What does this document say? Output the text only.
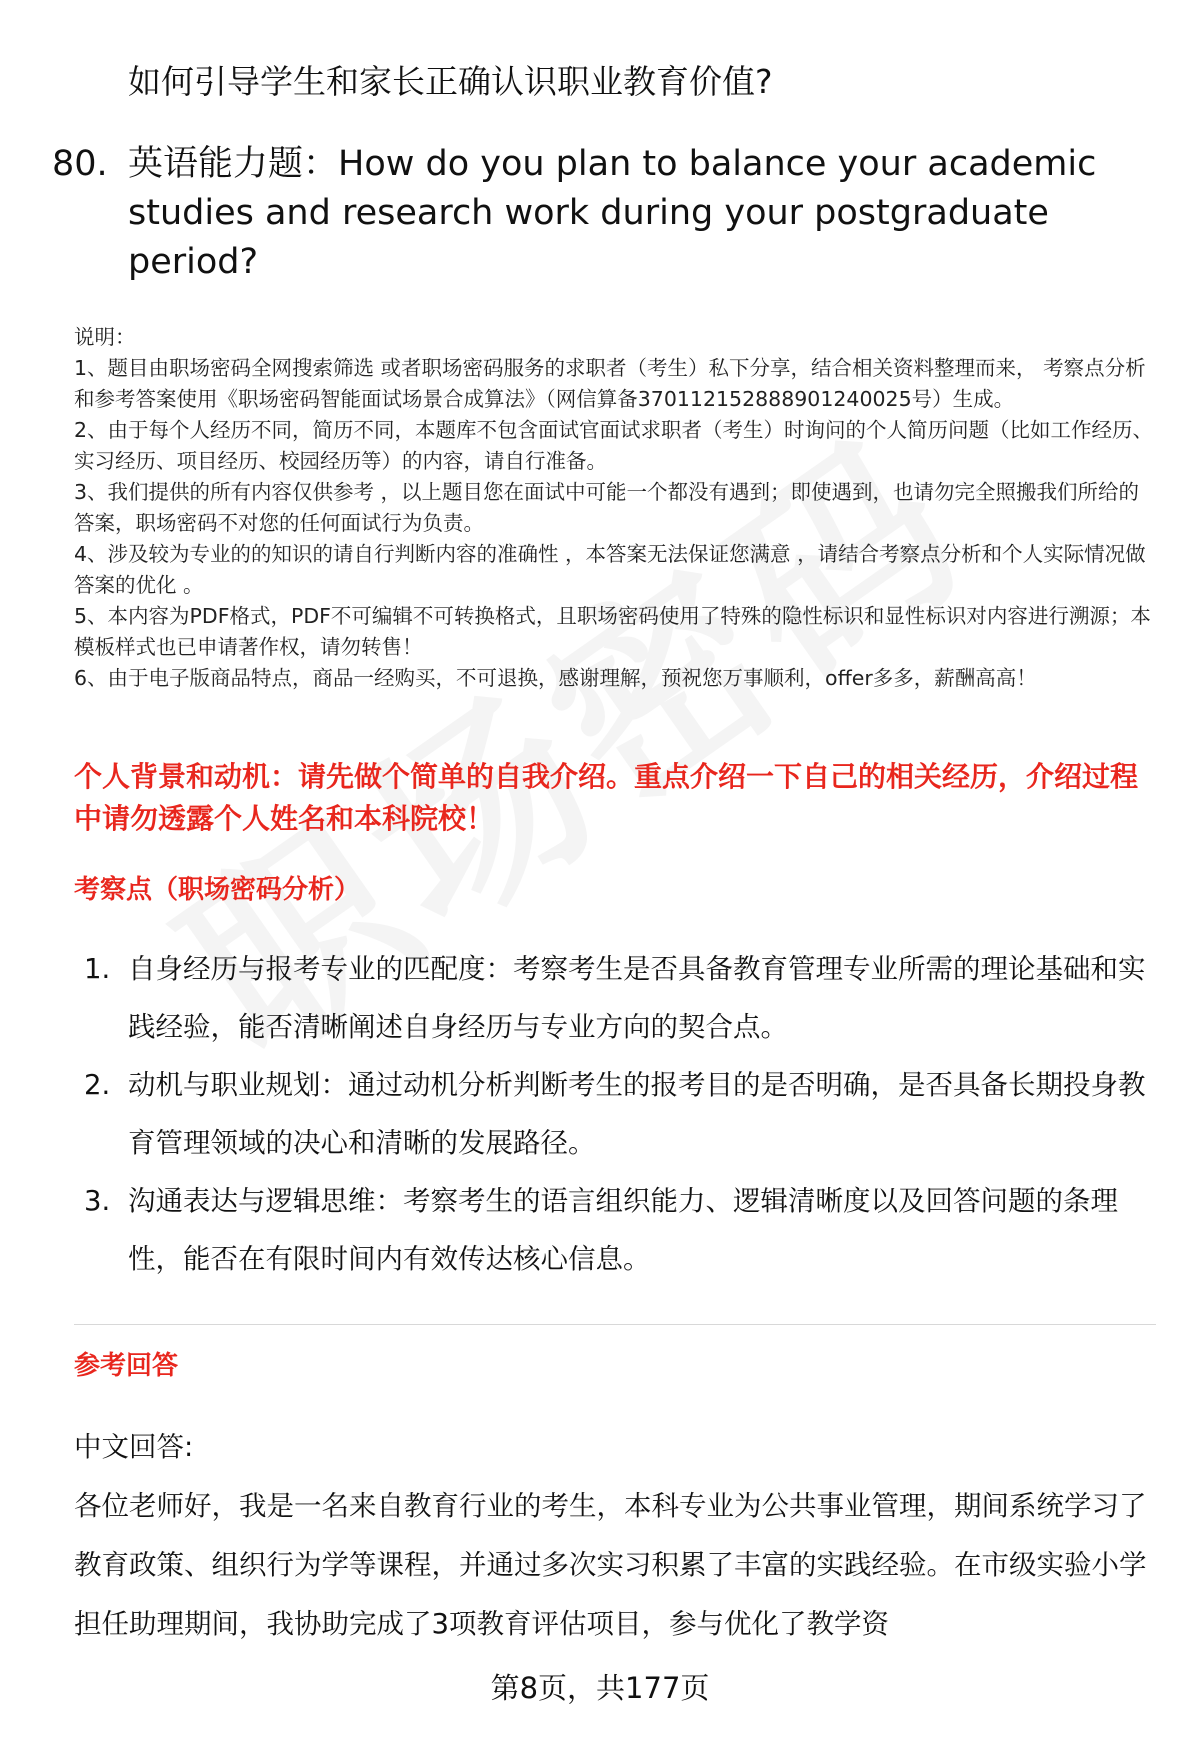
如何引导学生和家长正确认识职业教育价值?
80. 英语能力题：How do you plan to balance your academic studies and research work during your postgraduate period?
说明：
1、题目由职场密码全网搜索筛选 或者职场密码服务的求职者（考生）私下分享，结合相关资料整理而来， 考察点分析和参考答案使用《职场密码智能面试场景合成算法》（网信算备370112152888901240025号）生成。
2、由于每个人经历不同，简历不同，本题库不包含面试官面试求职者（考生）时询问的个人简历问题（比如工作经历、实习经历、项目经历、校园经历等）的内容，请自行准备。
3、我们提供的所有内容仅供参考 ，以上题目您在面试中可能一个都没有遇到；即使遇到，也请勿完全照搬我们所给的答案，职场密码不对您的任何面试行为负责。
4、涉及较为专业的的知识的请自行判断内容的准确性 ，本答案无法保证您满意 ，请结合考察点分析和个人实际情况做答案的优化 。
5、本内容为PDF格式，PDF不可编辑不可转换格式，且职场密码使用了特殊的隐性标识和显性标识对内容进行溯源；本模板样式也已申请著作权，请勿转售！
6、由于电子版商品特点，商品一经购买，不可退换，感谢理解，预祝您万事顺利，offer多多，薪酬高高！
个人背景和动机：请先做个简单的自我介绍。重点介绍一下自己的相关经历，介绍过程中请勿透露个人姓名和本科院校！
考察点（职场密码分析）
1. 自身经历与报考专业的匹配度：考察考生是否具备教育管理专业所需的理论基础和实践经验，能否清晰阐述自身经历与专业方向的契合点。
2. 动机与职业规划：通过动机分析判断考生的报考目的是否明确，是否具备长期投身教育管理领域的决心和清晰的发展路径。
3. 沟通表达与逻辑思维：考察考生的语言组织能力、逻辑清晰度以及回答问题的条理性，能否在有限时间内有效传达核心信息。
参考回答
中文回答:
各位老师好，我是一名来自教育行业的考生，本科专业为公共事业管理，期间系统学习了教育政策、组织行为学等课程，并通过多次实习积累了丰富的实践经验。在市级实验小学担任助理期间，我协助完成了3项教育评估项目，参与优化了教学资
第8页，共177页
